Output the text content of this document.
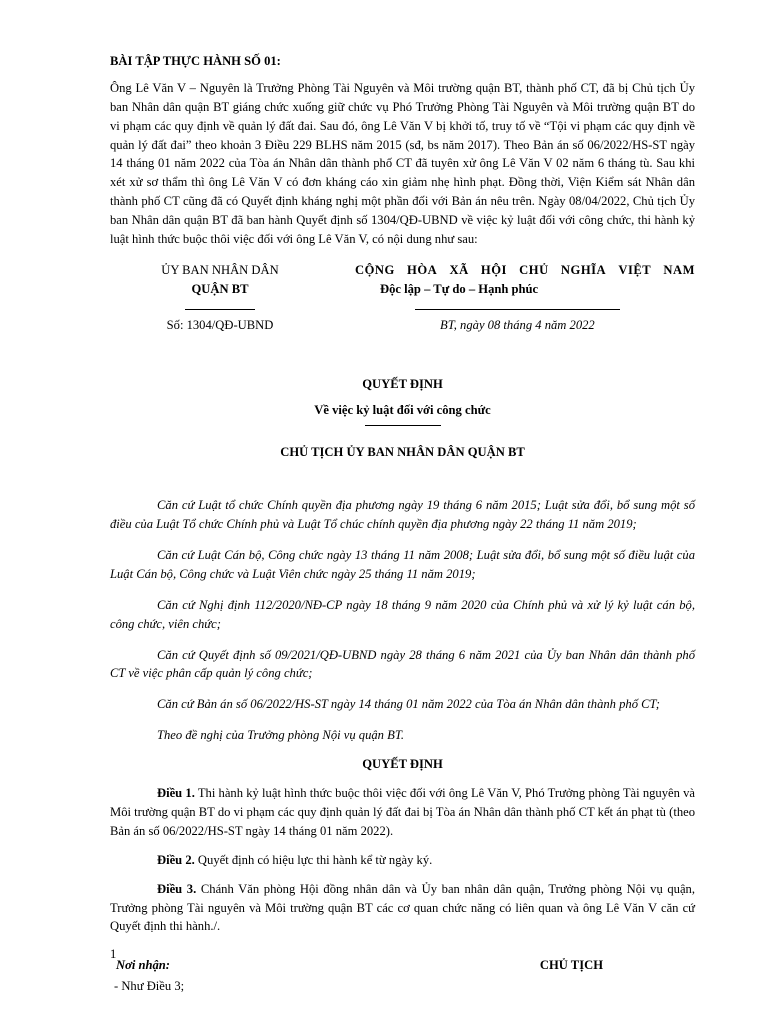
BÀI TẬP THỰC HÀNH SỐ 01:

Ông Lê Văn V – Nguyên là Trưởng Phòng Tài Nguyên và Môi trường quận BT, thành phố CT, đã bị Chủ tịch Ủy ban Nhân dân quận BT giáng chức xuống giữ chức vụ Phó Trưởng Phòng Tài Nguyên và Môi trường quận BT do vi phạm các quy định về quản lý đất đai. Sau đó, ông Lê Văn V bị khởi tố, truy tố về “Tội vi phạm các quy định về quản lý đất đai” theo khoản 3 Điều 229 BLHS năm 2015 (sđ, bs năm 2017). Theo Bản án số 06/2022/HS-ST ngày 14 tháng 01 năm 2022 của Tòa án Nhân dân thành phố CT đã tuyên xử ông Lê Văn V 02 năm 6 tháng tù. Sau khi xét xử sơ thẩm thì ông Lê Văn V có đơn kháng cáo xin giảm nhẹ hình phạt. Đồng thời, Viện Kiểm sát Nhân dân thành phố CT cũng đã có Quyết định kháng nghị một phần đối với Bản án nêu trên. Ngày 08/04/2022, Chủ tịch Ủy ban Nhân dân quận BT đã ban hành Quyết định số 1304/QĐ-UBND về việc kỷ luật đối với công chức, thi hành kỷ luật hình thức buộc thôi việc đối với ông Lê Văn V, có nội dung như sau:

ỦY BAN NHÂN DÂN

QUẬN BT

Số: 1304/QĐ-UBND

CỘNG HÒA XÃ HỘI CHỦ NGHĨA VIỆT NAM

Độc lập – Tự do – Hạnh phúc

BT, ngày 08 tháng 4 năm 2022

QUYẾT ĐỊNH

Về việc kỷ luật đối với công chức

CHỦ TỊCH ỦY BAN NHÂN DÂN QUẬN BT

Căn cứ Luật tổ chức Chính quyền địa phương ngày 19 tháng 6 năm 2015; Luật sửa đổi, bổ sung một số điều của Luật Tổ chức Chính phủ và Luật Tổ chúc chính quyền địa phương ngày 22 tháng 11 năm 2019;

Căn cứ Luật Cán bộ, Công chức ngày 13 tháng 11 năm 2008; Luật sửa đổi, bổ sung một số điều luật của Luật Cán bộ, Công chức và Luật Viên chức ngày 25 tháng 11 năm 2019;

Căn cứ Nghị định 112/2020/NĐ-CP ngày 18 tháng 9 năm 2020 của Chính phủ và xử lý kỷ luật cán bộ, công chức, viên chức;

Căn cứ Quyết định số 09/2021/QĐ-UBND ngày 28 tháng 6 năm 2021 của Ủy ban Nhân dân thành phố CT về việc phân cấp quản lý công chức;

Căn cứ Bản án số 06/2022/HS-ST ngày 14 tháng 01 năm 2022 của Tòa án Nhân dân thành phố CT;

Theo đề nghị của Trưởng phòng Nội vụ quận BT.

QUYẾT ĐỊNH

Điều 1. Thi hành kỷ luật hình thức buộc thôi việc đối với ông Lê Văn V, Phó Trưởng phòng Tài nguyên và Môi trường quận BT do vi phạm các quy định quản lý đất đai bị Tòa án Nhân dân thành phố CT kết án phạt tù (theo Bản án số 06/2022/HS-ST ngày 14 tháng 01 năm 2022).

Điều 2. Quyết định có hiệu lực thi hành kể từ ngày ký.

Điều 3. Chánh Văn phòng Hội đồng nhân dân và Ủy ban nhân dân quận, Trưởng phòng Nội vụ quận, Trưởng phòng Tài nguyên và Môi trường quận BT các cơ quan chức năng có liên quan và ông Lê Văn V căn cứ Quyết định thi hành./.

Nơi nhận:

- Như Điều 3;

CHỦ TỊCH

1
